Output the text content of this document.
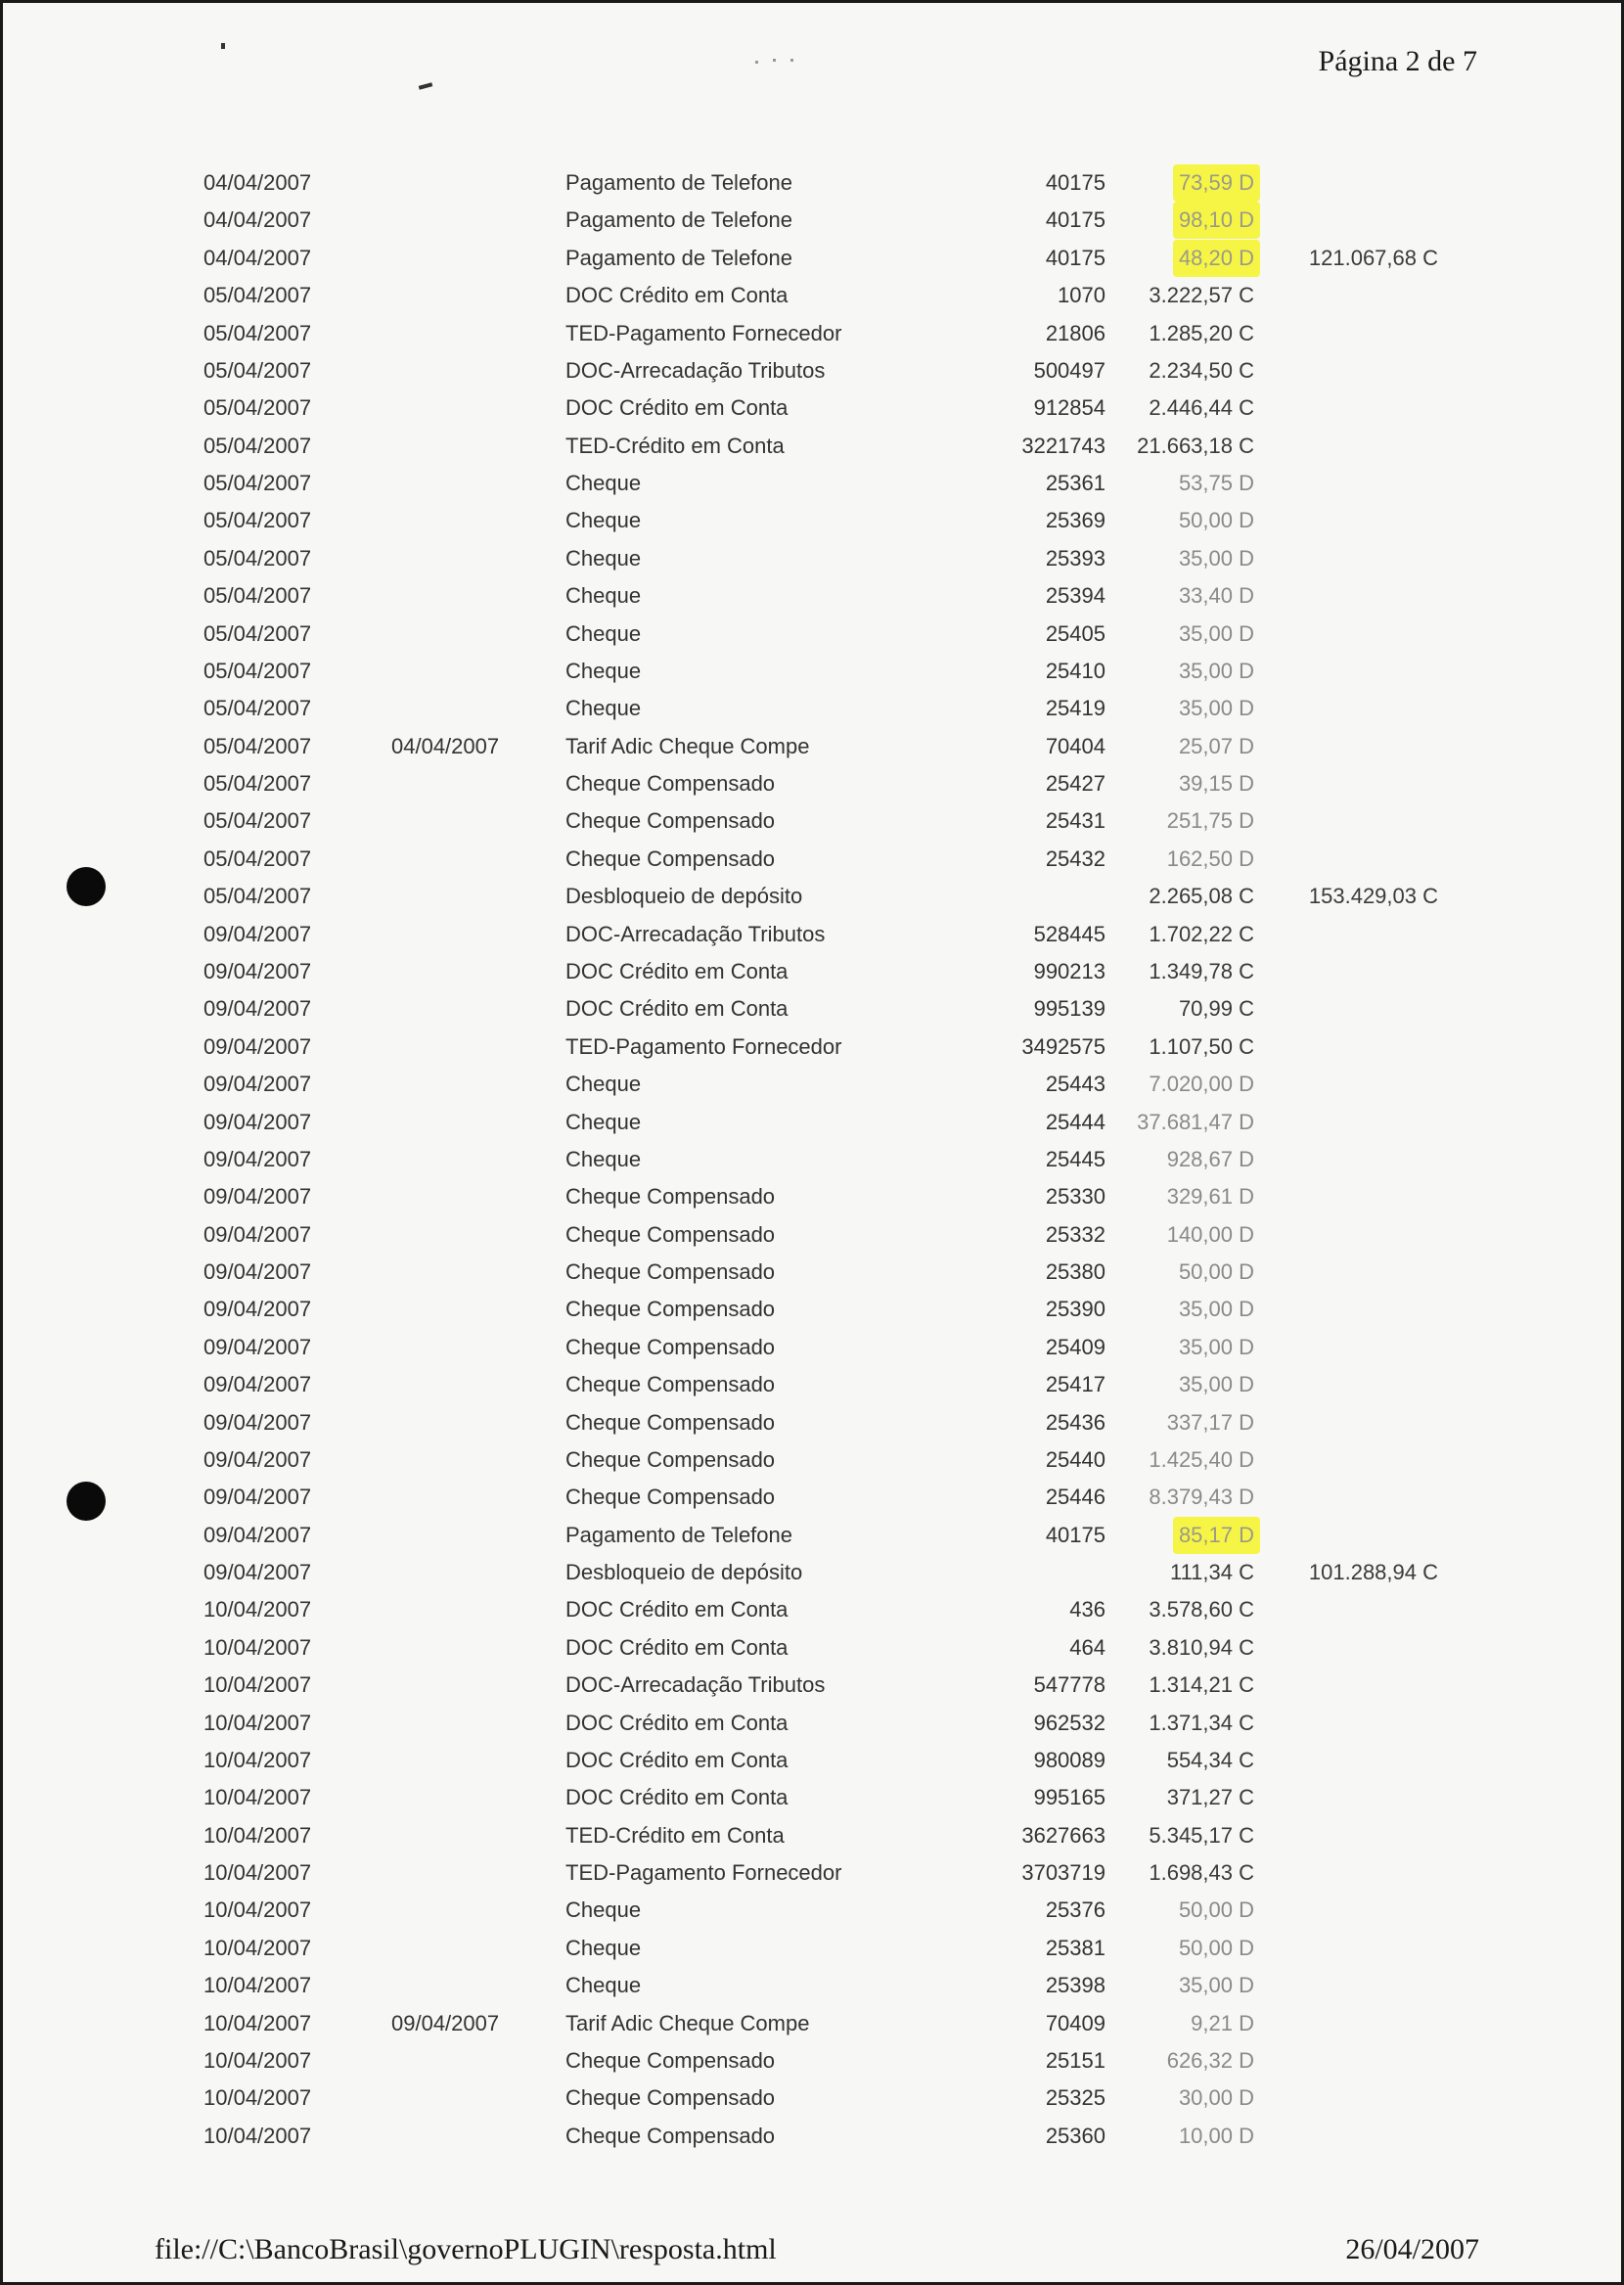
Página 2 de 7
04/04/2007	Pagamento de Telefone	40175	73,59 D
04/04/2007	Pagamento de Telefone	40175	98,10 D
04/04/2007	Pagamento de Telefone	40175	48,20 D	121.067,68 C
05/04/2007	DOC Crédito em Conta	1070 3.222,57 C
05/04/2007	TED-Pagamento Fornecedor	21806 1.285,20 C
05/04/2007	DOC-Arrecadação Tributos	500497 2.234,50 C
05/04/2007	DOC Crédito em Conta	912854 2.446,44 C
05/04/2007	TED-Crédito em Conta	3221743 21.663,18 C
05/04/2007	Cheque	25361	53,75 D
05/04/2007	Cheque	25369	50,00 D
05/04/2007	Cheque	25393	35,00 D
05/04/2007	Cheque	25394	33,40 D
05/04/2007	Cheque	25405	35,00 D
05/04/2007	Cheque	25410	35,00 D
05/04/2007	Cheque	25419	35,00 D
05/04/2007	04/04/2007	Tarif Adic Cheque Compe	70404	25,07 D
05/04/2007	Cheque Compensado	25427	39,15 D
05/04/2007	Cheque Compensado	25431	251,75 D
05/04/2007	Cheque Compensado	25432	162,50 D
05/04/2007	Desbloqueio de depósito	2.265,08 C	153.429,03 C
09/04/2007	DOC-Arrecadação Tributos	528445 1.702,22 C
09/04/2007	DOC Crédito em Conta	990213 1.349,78 C
09/04/2007	DOC Crédito em Conta	995139	70,99 C
09/04/2007	TED-Pagamento Fornecedor	3492575 1.107,50 C
09/04/2007	Cheque	25443 7.020,00 D
09/04/2007	Cheque	25444 37.681,47 D
09/04/2007	Cheque	25445	928,67 D
09/04/2007	Cheque Compensado	25330	329,61 D
09/04/2007	Cheque Compensado	25332	140,00 D
09/04/2007	Cheque Compensado	25380	50,00 D
09/04/2007	Cheque Compensado	25390	35,00 D
09/04/2007	Cheque Compensado	25409	35,00 D
09/04/2007	Cheque Compensado	25417	35,00 D
09/04/2007	Cheque Compensado	25436	337,17 D
09/04/2007	Cheque Compensado	25440 1.425,40 D
09/04/2007	Cheque Compensado	25446 8.379,43 D
09/04/2007	Pagamento de Telefone	40175	85,17 D
09/04/2007	Desbloqueio de depósito	111,34 C	101.288,94 C
10/04/2007	DOC Crédito em Conta	436 3.578,60 C
10/04/2007	DOC Crédito em Conta	464 3.810,94 C
10/04/2007	DOC-Arrecadação Tributos	547778 1.314,21 C
10/04/2007	DOC Crédito em Conta	962532 1.371,34 C
10/04/2007	DOC Crédito em Conta	980089	554,34 C
10/04/2007	DOC Crédito em Conta	995165	371,27 C
10/04/2007	TED-Crédito em Conta	3627663 5.345,17 C
10/04/2007	TED-Pagamento Fornecedor	3703719 1.698,43 C
10/04/2007	Cheque	25376	50,00 D
10/04/2007	Cheque	25381	50,00 D
10/04/2007	Cheque	25398	35,00 D
10/04/2007	09/04/2007	Tarif Adic Cheque Compe	70409	9,21 D
10/04/2007	Cheque Compensado	25151	626,32 D
10/04/2007	Cheque Compensado	25325	30,00 D
10/04/2007	Cheque Compensado	25360	10,00 D
file://C:\BancoBrasil\governoPLUGIN\resposta.html	26/04/2007
